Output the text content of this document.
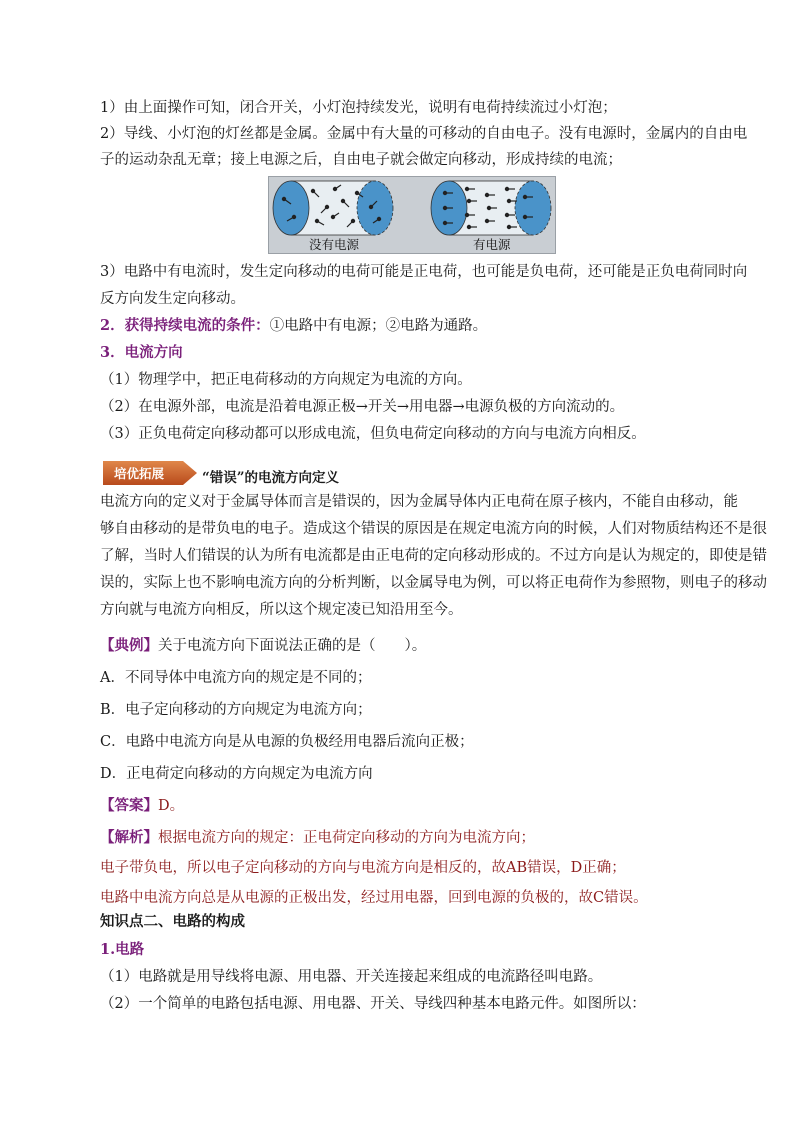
1）由上面操作可知，闭合开关，小灯泡持续发光，说明有电荷持续流过小灯泡；
2）导线、小灯泡的灯丝都是金属。金属中有大量的可移动的自由电子。没有电源时，金属内的自由电
子的运动杂乱无章；接上电源之后，自由电子就会做定向移动，形成持续的电流；
没有电源	有电源
3）电路中有电流时，发生定向移动的电荷可能是正电荷，也可能是负电荷，还可能是正负电荷同时向
反方向发生定向移动。
2．获得持续电流的条件：①电路中有电源；②电路为通路。
3．电流方向
（1）物理学中，把正电荷移动的方向规定为电流的方向。
（2）在电源外部，电流是沿着电源正极→开关→用电器→电源负极的方向流动的。
（3）正负电荷定向移动都可以形成电流，但负电荷定向移动的方向与电流方向相反。
培优拓展	“错误”的电流方向定义
电流方向的定义对于金属导体而言是错误的，因为金属导体内正电荷在原子核内，不能自由移动，能
够自由移动的是带负电的电子。造成这个错误的原因是在规定电流方向的时候，人们对物质结构还不是很
了解，当时人们错误的认为所有电流都是由正电荷的定向移动形成的。不过方向是认为规定的，即使是错
误的，实际上也不影响电流方向的分析判断，以金属导电为例，可以将正电荷作为参照物，则电子的移动
方向就与电流方向相反，所以这个规定凌已知沿用至今。
【典例】关于电流方向下面说法正确的是（　　）。
A．不同导体中电流方向的规定是不同的；
B．电子定向移动的方向规定为电流方向；
C．电路中电流方向是从电源的负极经用电器后流向正极；
D．正电荷定向移动的方向规定为电流方向
【答案】D。
【解析】根据电流方向的规定：正电荷定向移动的方向为电流方向；
电子带负电，所以电子定向移动的方向与电流方向是相反的，故AB错误，D正确；
电路中电流方向总是从电源的正极出发，经过用电器，回到电源的负极的，故C错误。
知识点二、电路的构成
1.电路
（1）电路就是用导线将电源、用电器、开关连接起来组成的电流路径叫电路。
（2）一个简单的电路包括电源、用电器、开关、导线四种基本电路元件。如图所以：
